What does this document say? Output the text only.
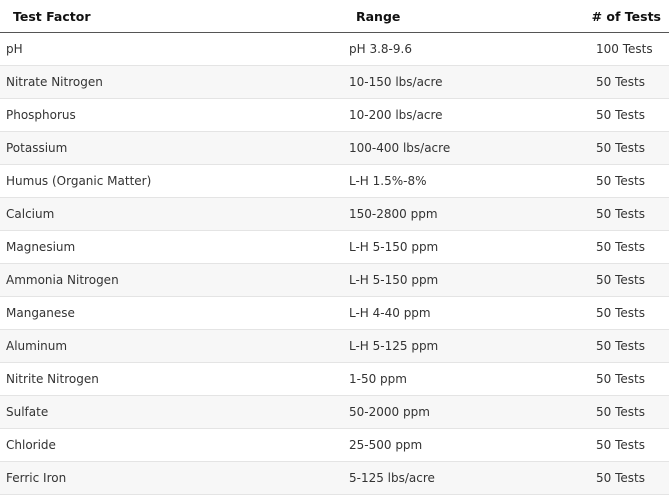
Test Factor	Range	# of Tests
pH	pH 3.8-9.6	100 Tests
Nitrate Nitrogen	10-150 lbs/acre	50 Tests
Phosphorus	10-200 lbs/acre	50 Tests
Potassium	100-400 lbs/acre	50 Tests
Humus (Organic Matter)	L-H 1.5%-8%	50 Tests
Calcium	150-2800 ppm	50 Tests
Magnesium	L-H 5-150 ppm	50 Tests
Ammonia Nitrogen	L-H 5-150 ppm	50 Tests
Manganese	L-H 4-40 ppm	50 Tests
Aluminum	L-H 5-125 ppm	50 Tests
Nitrite Nitrogen	1-50 ppm	50 Tests
Sulfate	50-2000 ppm	50 Tests
Chloride	25-500 ppm	50 Tests
Ferric Iron	5-125 lbs/acre	50 Tests
